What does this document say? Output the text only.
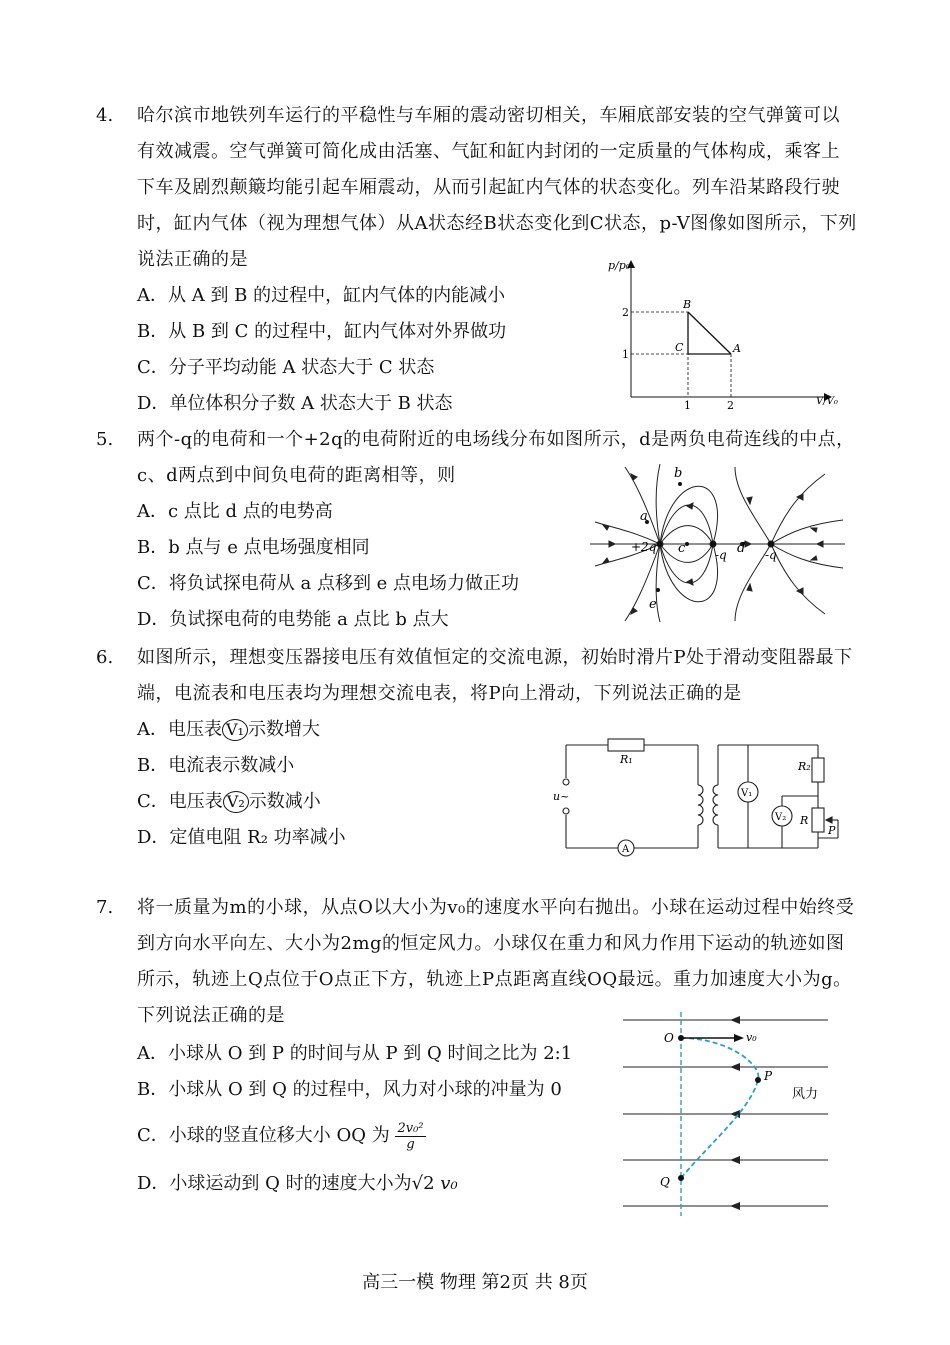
4. 哈尔滨市地铁列车运行的平稳性与车厢的震动密切相关，车厢底部安装的空气弹簧可以有效减震。空气弹簧可简化成由活塞、气缸和缸内封闭的一定质量的气体构成，乘客上下车及剧烈颠簸均能引起车厢震动，从而引起缸内气体的状态变化。列车沿某路段行驶时，缸内气体（视为理想气体）从A状态经B状态变化到C状态，p-V图像如图所示，下列说法正确的是
A．从 A 到 B 的过程中，缸内气体的内能减小
B．从 B 到 C 的过程中，缸内气体对外界做功
C．分子平均动能 A 状态大于 C 状态
D．单位体积分子数 A 状态大于 B 状态
p/p₀
V/V₀
2
1
1	2
B
A
C
5. 两个-q的电荷和一个+2q的电荷附近的电场线分布如图所示，d是两负电荷连线的中点，c、d两点到中间负电荷的距离相等，则
A．c 点比 d 点的电势高
B．b 点与 e 点电场强度相同
C．将负试探电荷从 a 点移到 e 点电场力做正功
D．负试探电荷的电势能 a 点比 b 点大
+2q
-q	-q
a
b
c	d
e
6. 如图所示，理想变压器接电压有效值恒定的交流电源，初始时滑片P处于滑动变阻器最下端，电流表和电压表均为理想交流电表，将P向上滑动，下列说法正确的是
A．电压表 V₁ 示数增大
B．电流表示数减小
C．电压表 V₂ 示数减小
D．定值电阻 R₂ 功率减小
R₁
R₂
R
P
u~
A
V₁
V₂
7. 将一质量为m的小球，从点O以大小为v₀的速度水平向右抛出。小球在运动过程中始终受到方向水平向左、大小为2mg的恒定风力。小球仅在重力和风力作用下运动的轨迹如图所示，轨迹上Q点位于O点正下方，轨迹上P点距离直线OQ最远。重力加速度大小为g。下列说法正确的是
A．小球从 O 到 P 的时间与从 P 到 Q 时间之比为 2:1
B．小球从 O 到 Q 的过程中，风力对小球的冲量为 0
C．小球的竖直位移大小 OQ 为 $\frac{\text{2v₀²}}{g}$
D．小球运动到 Q 时的速度大小为√2 v₀
O
P
Q
v₀
风力
高三一模 物理 第2页 共 8页
